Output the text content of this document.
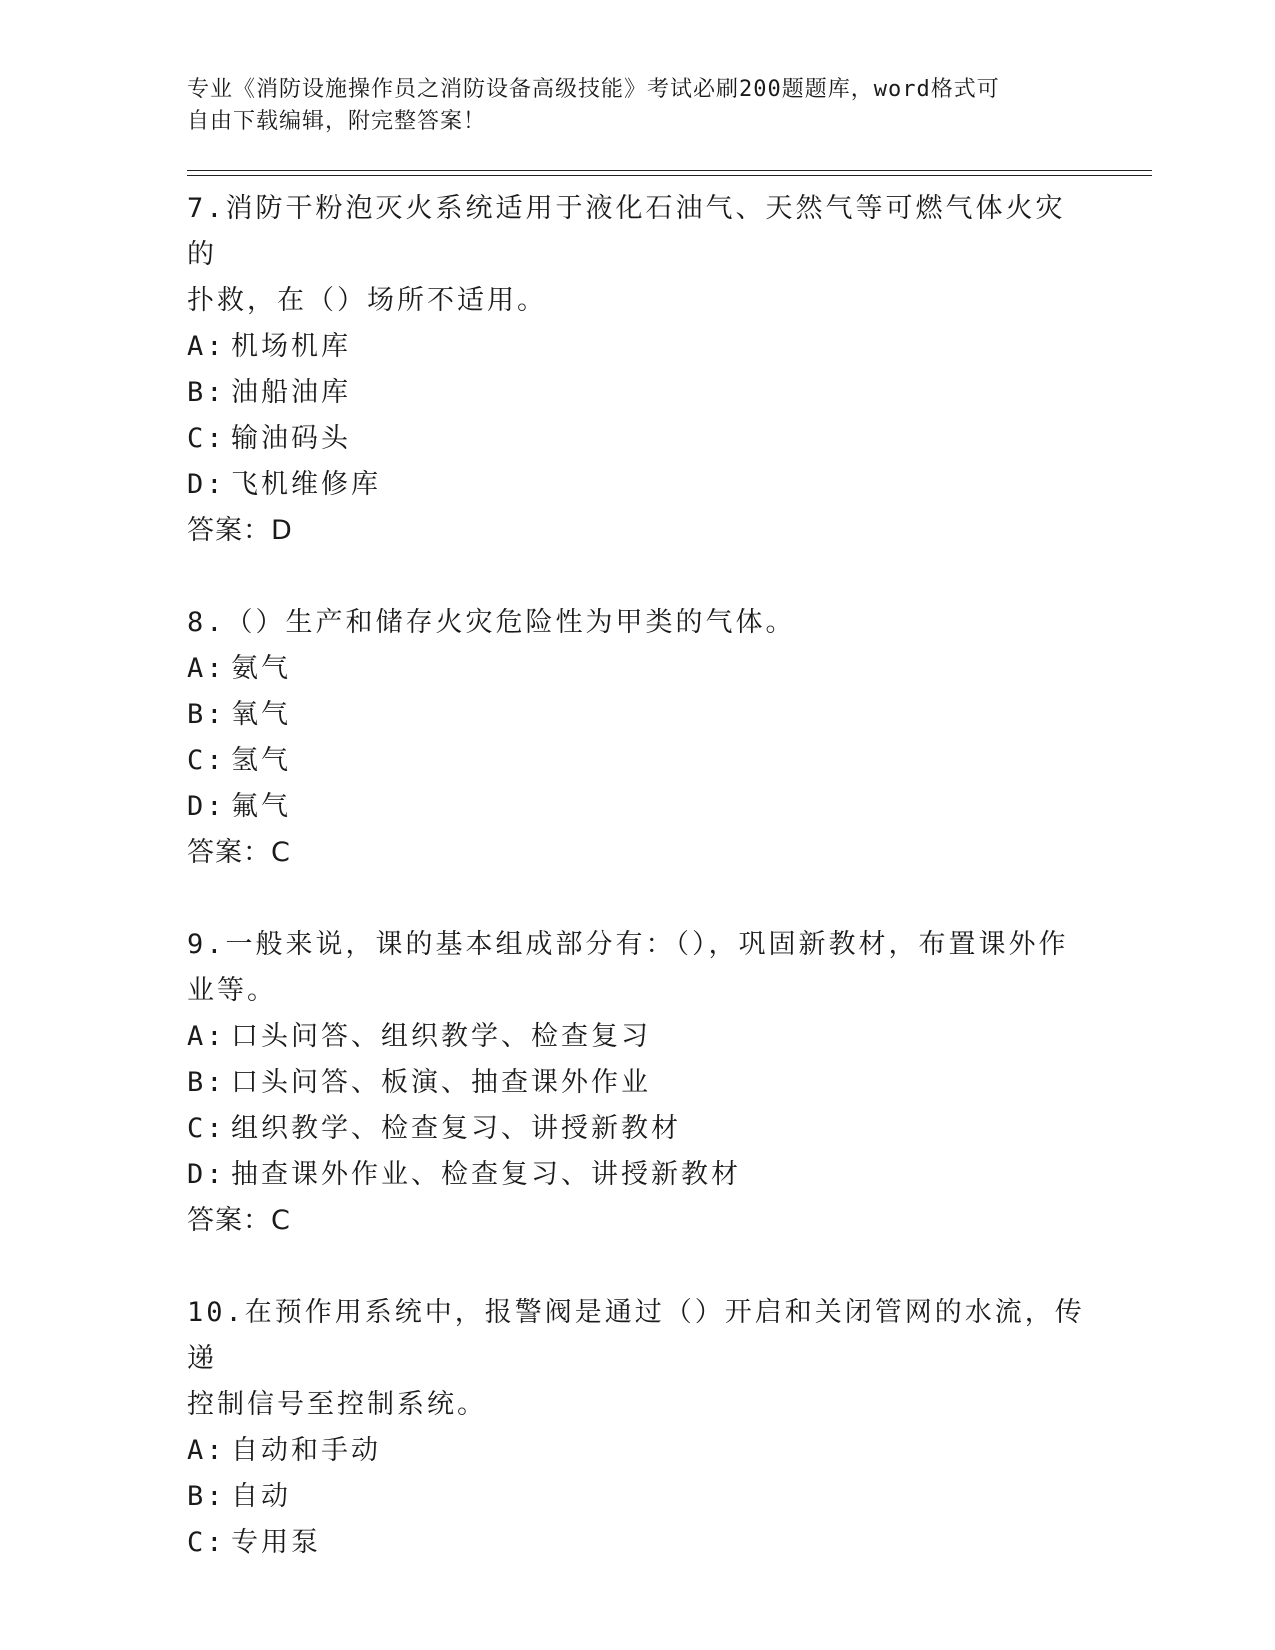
专业《消防设施操作员之消防设备高级技能》考试必刷200题题库，word格式可

自由下载编辑，附完整答案！

7.消防干粉泡灭火系统适用于液化石油气、天然气等可燃气体火灾的
扑救，在（）场所不适用。

A: 机场机库

B: 油船油库

C: 输油码头

D: 飞机维修库

答案：D

8.（）生产和储存火灾危险性为甲类的气体。

A: 氨气

B: 氧气

C: 氢气

D: 氟气

答案：C

9.一般来说，课的基本组成部分有：（），巩固新教材，布置课外作
业等。

A: 口头问答、组织教学、检查复习

B: 口头问答、板演、抽查课外作业

C: 组织教学、检查复习、讲授新教材

D: 抽查课外作业、检查复习、讲授新教材

答案：C

10.在预作用系统中，报警阀是通过（）开启和关闭管网的水流，传递
控制信号至控制系统。

A: 自动和手动

B: 自动

C: 专用泵
